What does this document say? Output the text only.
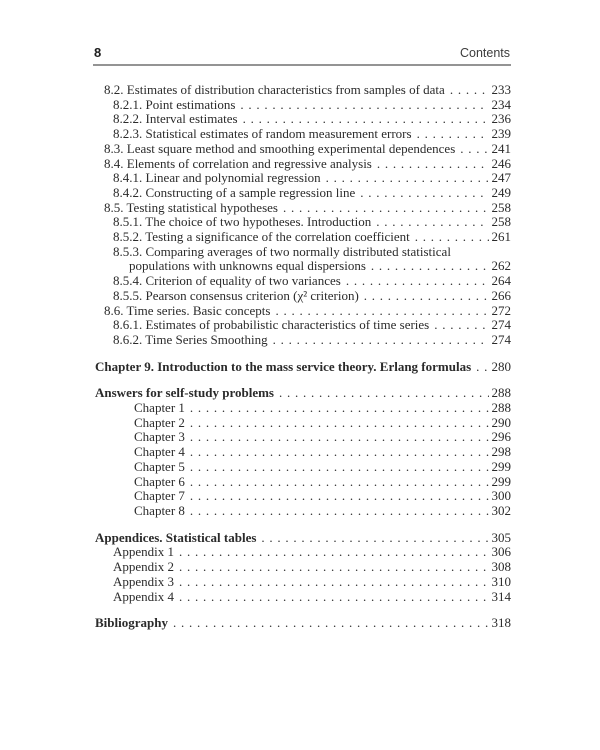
8	Contents
8.2. Estimates of distribution characteristics from samples of data . . .	233
8.2.1. Point estimations . . .	234
8.2.2. Interval estimates . . .	236
8.2.3. Statistical estimates of random measurement errors . . .	239
8.3. Least square method and smoothing experimental dependences . . .	241
8.4. Elements of correlation and regressive analysis . . .	246
8.4.1. Linear and polynomial regression . . .	247
8.4.2. Constructing of a sample regression line . . .	249
8.5. Testing statistical hypotheses . . .	258
8.5.1. The choice of two hypotheses. Introduction . . .	258
8.5.2. Testing a significance of the correlation coefficient . . .	261
8.5.3. Comparing averages of two normally distributed statistical
populations with unknowns equal dispersions . . .	262
8.5.4. Criterion of equality of two variances . . .	264
8.5.5. Pearson consensus criterion (χ² criterion) . . .	266
8.6. Time series. Basic concepts . . .	272
8.6.1. Estimates of probabilistic characteristics of time series . . .	274
8.6.2. Time Series Smoothing . . .	274
Chapter 9. Introduction to the mass service theory. Erlang formulas . . . 280
Answers for self-study problems . . .	288
Chapter 1 . . .	288
Chapter 2 . . .	290
Chapter 3 . . .	296
Chapter 4 . . .	298
Chapter 5 . . .	299
Chapter 6 . . .	299
Chapter 7 . . .	300
Chapter 8 . . .	302
Appendices. Statistical tables . . .	305
Appendix 1 . . .	306
Appendix 2 . . .	308
Appendix 3 . . .	310
Appendix 4 . . .	314
Bibliography . . .	318
